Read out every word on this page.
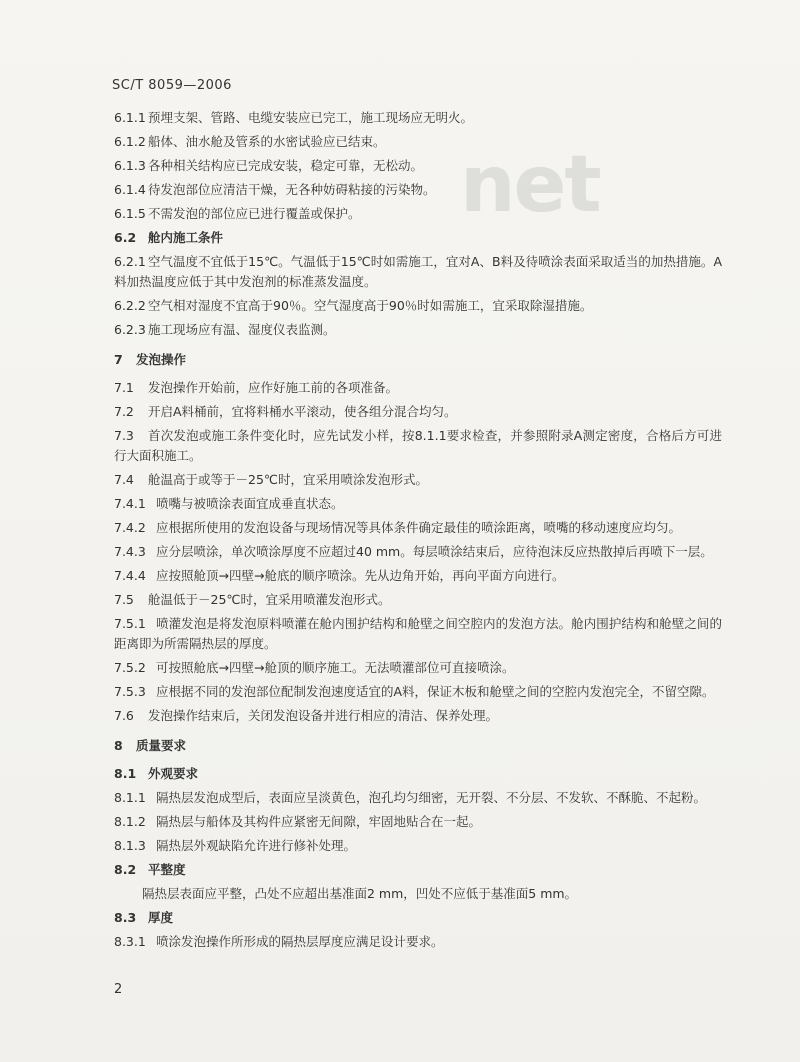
SC/T 8059—2006
net
6.1.1 预埋支架、管路、电缆安装应已完工，施工现场应无明火。
6.1.2 船体、油水舱及管系的水密试验应已结束。
6.1.3 各种相关结构应已完成安装，稳定可靠，无松动。
6.1.4 待发泡部位应清洁干燥，无各种妨碍粘接的污染物。
6.1.5 不需发泡的部位应已进行覆盖或保护。
6.2 舱内施工条件
6.2.1 空气温度不宜低于15℃。气温低于15℃时如需施工，宜对A、B料及待喷涂表面采取适当的加热措施。A料加热温度应低于其中发泡剂的标准蒸发温度。
6.2.2 空气相对湿度不宜高于90％。空气湿度高于90％时如需施工，宜采取除湿措施。
6.2.3 施工现场应有温、湿度仪表监测。
7	发泡操作
7.1	发泡操作开始前，应作好施工前的各项准备。
7.2	开启A料桶前，宜将料桶水平滚动，使各组分混合均匀。
7.3	首次发泡或施工条件变化时，应先试发小样，按8.1.1要求检查，并参照附录A测定密度，合格后方可进行大面积施工。
7.4	舱温高于或等于－25℃时，宜采用喷涂发泡形式。
7.4.1 喷嘴与被喷涂表面宜成垂直状态。
7.4.2 应根据所使用的发泡设备与现场情况等具体条件确定最佳的喷涂距离，喷嘴的移动速度应均匀。
7.4.3 应分层喷涂，单次喷涂厚度不应超过40 mm。每层喷涂结束后，应待泡沫反应热散掉后再喷下一层。
7.4.4 应按照舱顶→四壁→舱底的顺序喷涂。先从边角开始，再向平面方向进行。
7.5	舱温低于－25℃时，宜采用喷灌发泡形式。
7.5.1 喷灌发泡是将发泡原料喷灌在舱内围护结构和舱壁之间空腔内的发泡方法。舱内围护结构和舱壁之间的距离即为所需隔热层的厚度。
7.5.2 可按照舱底→四壁→舱顶的顺序施工。无法喷灌部位可直接喷涂。
7.5.3 应根据不同的发泡部位配制发泡速度适宜的A料，保证木板和舱壁之间的空腔内发泡完全，不留空隙。
7.6	发泡操作结束后，关闭发泡设备并进行相应的清洁、保养处理。
8	质量要求
8.1 外观要求
8.1.1 隔热层发泡成型后，表面应呈淡黄色，泡孔均匀细密，无开裂、不分层、不发软、不酥脆、不起粉。
8.1.2 隔热层与船体及其构件应紧密无间隙，牢固地贴合在一起。
8.1.3 隔热层外观缺陷允许进行修补处理。
8.2 平整度
隔热层表面应平整，凸处不应超出基准面2 mm，凹处不应低于基准面5 mm。
8.3 厚度
8.3.1 喷涂发泡操作所形成的隔热层厚度应满足设计要求。
2
